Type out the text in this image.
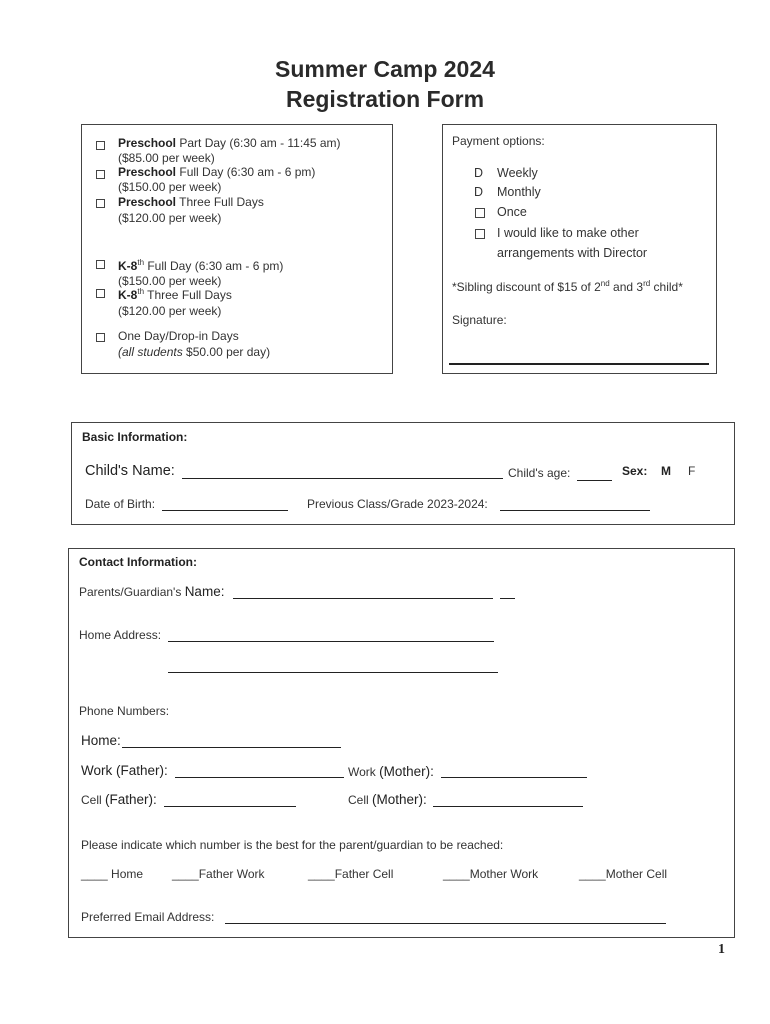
Summer Camp 2024
Registration Form
Preschool Part Day (6:30 am - 11:45 am)
($85.00 per week)
Preschool Full Day (6:30 am - 6 pm)
($150.00 per week)
Preschool Three Full Days
($120.00 per week)
K-8th Full Day (6:30 am - 6 pm)
($150.00 per week)
K-8th Three Full Days
($120.00 per week)
One Day/Drop-in Days
(all students $50.00 per day)
Payment options:
D Weekly
D Monthly
Once
I would like to make other
arrangements with Director
*Sibling discount of $15 of 2nd and 3rd child*
Signature:
Basic Information:
Child's Name:	Child's age:	Sex: M F
Date of Birth:	Previous Class/Grade 2023-2024:
Contact Information:
Parents/Guardian's Name:
Home Address:
Phone Numbers:
Home:
Work (Father):	Work (Mother):
Cell (Father):	Cell (Mother):
Please indicate which number is the best for the parent/guardian to be reached:
____ Home ____Father Work	____Father Cell	____Mother Work	____Mother Cell
Preferred Email Address:
1
